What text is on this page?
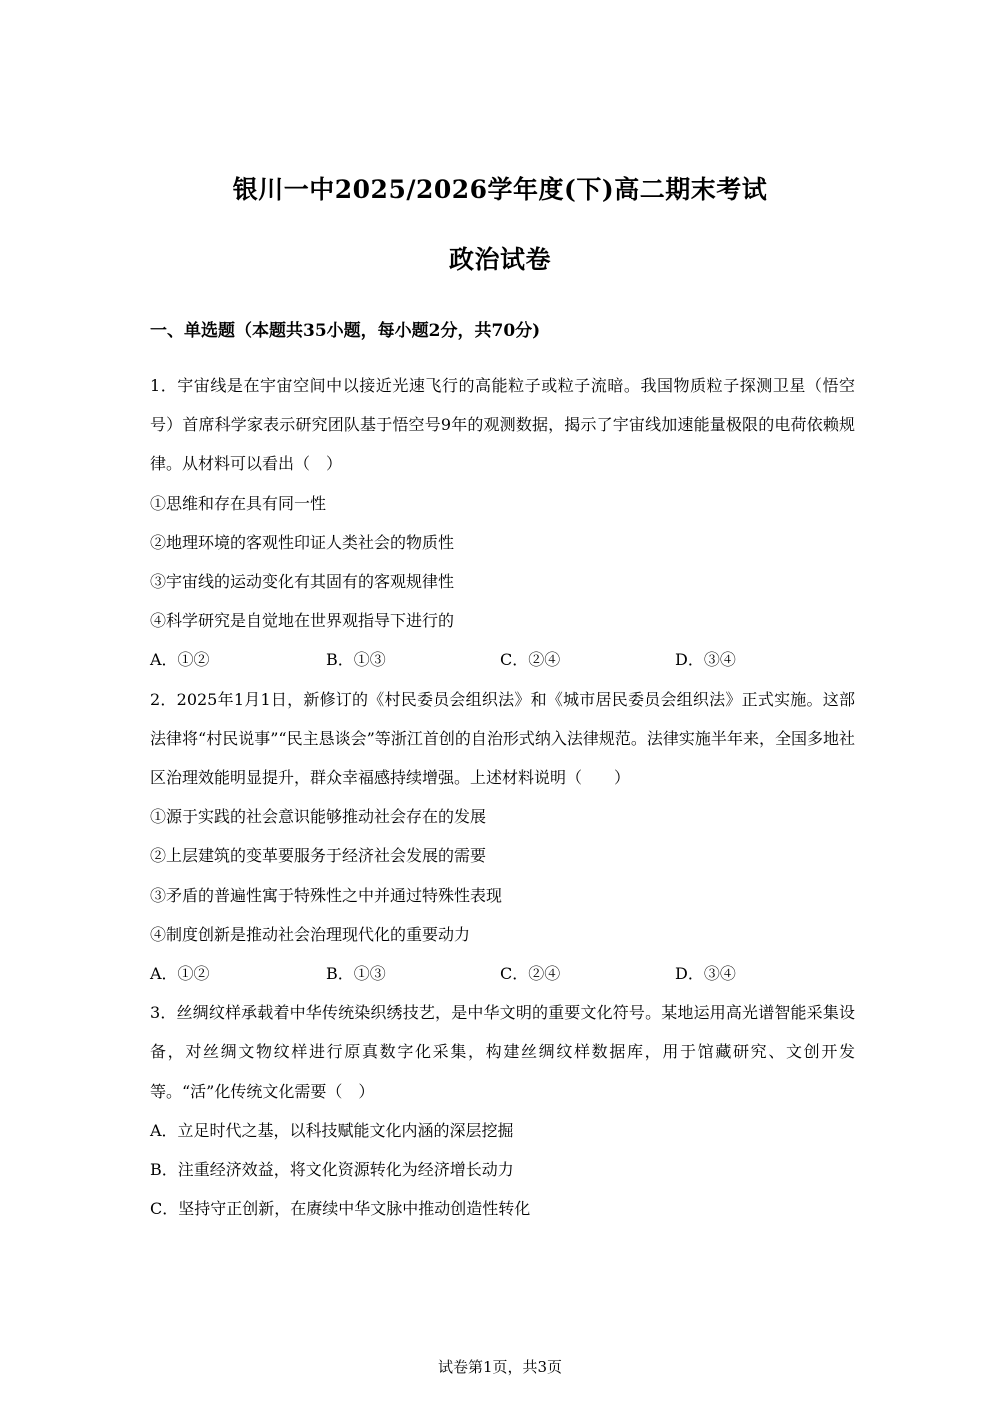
银川一中2025/2026学年度(下)高二期末考试
政治试卷
一、单选题（本题共35小题，每小题2分，共70分)

1．宇宙线是在宇宙空间中以接近光速飞行的高能粒子或粒子流暗。我国物质粒子探测卫星（悟空号）首席科学家表示研究团队基于悟空号9年的观测数据，揭示了宇宙线加速能量极限的电荷依赖规律。从材料可以看出（　）

①思维和存在具有同一性
②地理环境的客观性印证人类社会的物质性
③宇宙线的运动变化有其固有的客观规律性
④科学研究是自觉地在世界观指导下进行的
A．①②	B．①③	C．②④	D．③④

2．2025年1月1日，新修订的《村民委员会组织法》和《城市居民委员会组织法》正式实施。这部法律将“村民说事”“民主恳谈会”等浙江首创的自治形式纳入法律规范。法律实施半年来，全国多地社区治理效能明显提升，群众幸福感持续增强。上述材料说明（　　）

①源于实践的社会意识能够推动社会存在的发展
②上层建筑的变革要服务于经济社会发展的需要
③矛盾的普遍性寓于特殊性之中并通过特殊性表现
④制度创新是推动社会治理现代化的重要动力
A．①②	B．①③	C．②④	D．③④

3．丝绸纹样承载着中华传统染织绣技艺，是中华文明的重要文化符号。某地运用高光谱智能采集设备，对丝绸文物纹样进行原真数字化采集，构建丝绸纹样数据库，用于馆藏研究、文创开发等。“活”化传统文化需要（　）

A．立足时代之基，以科技赋能文化内涵的深层挖掘
B．注重经济效益，将文化资源转化为经济增长动力
C．坚持守正创新，在赓续中华文脉中推动创造性转化
试卷第1页，共3页
